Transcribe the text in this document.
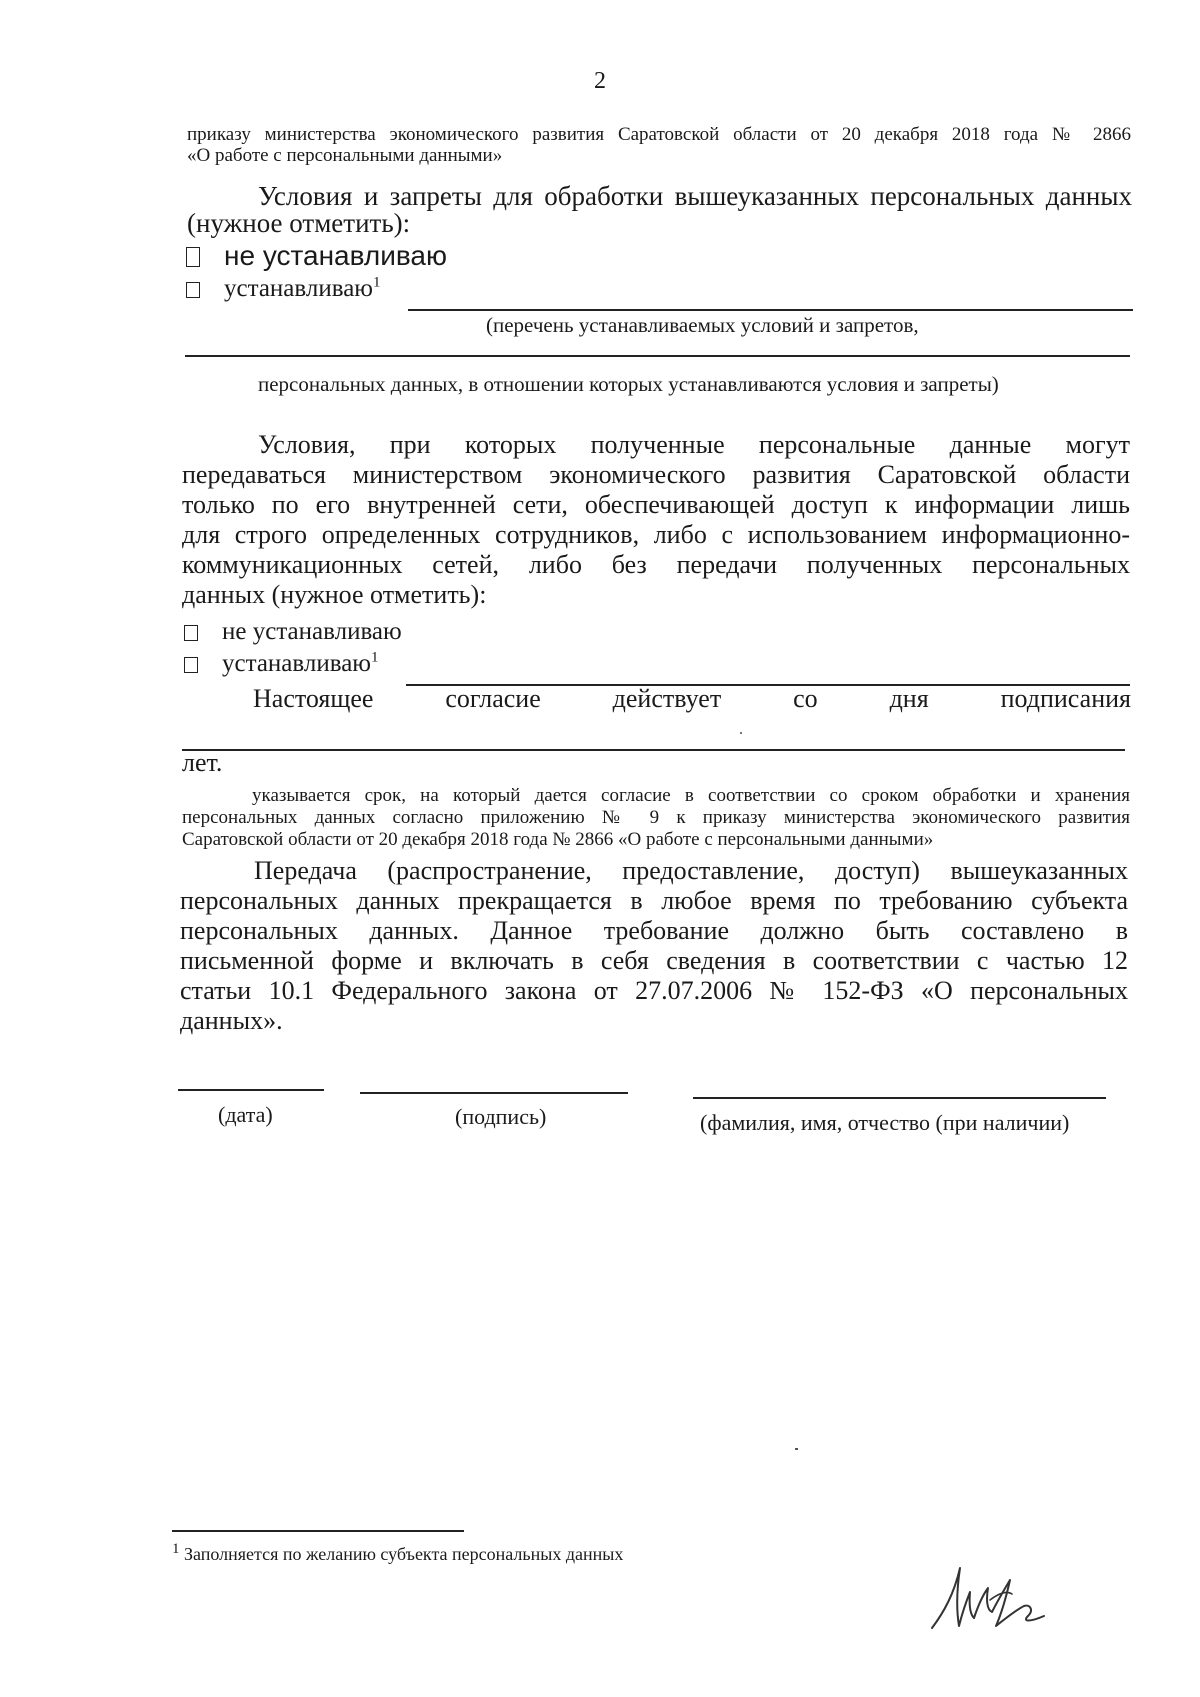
2
приказу министерства экономического развития Саратовской области от 20 декабря 2018 года № 2866
«О работе с персональными данными»
Условия и запреты для обработки вышеуказанных персональных данных
(нужное отметить):
не устанавливаю
устанавливаю$^1$
(перечень устанавливаемых условий и запретов,
персональных данных, в отношении которых устанавливаются условия и запреты)
Условия, при которых полученные персональные данные могут
передаваться министерством экономического развития Саратовской области
только по его внутренней сети, обеспечивающей доступ к информации лишь
для строго определенных сотрудников, либо с использованием информационно-
коммуникационных сетей, либо без передачи полученных персональных
данных (нужное отметить):
не устанавливаю
устанавливаю$^1$
Настоящее согласие действует со дня подписания
лет.
указывается срок, на который дается согласие в соответствии со сроком обработки и хранения
персональных данных согласно приложению № 9 к приказу министерства экономического развития
Саратовской области от 20 декабря 2018 года № 2866 «О работе с персональными данными»
Передача (распространение, предоставление, доступ) вышеуказанных
персональных данных прекращается в любое время по требованию субъекта
персональных данных. Данное требование должно быть составлено в
письменной форме и включать в себя сведения в соответствии с частью 12
статьи 10.1 Федерального закона от 27.07.2006 № 152-ФЗ «О персональных
данных».
(дата)	(подпись)	(фамилия, имя, отчество (при наличии)
$^1$ Заполняется по желанию субъекта персональных данных
